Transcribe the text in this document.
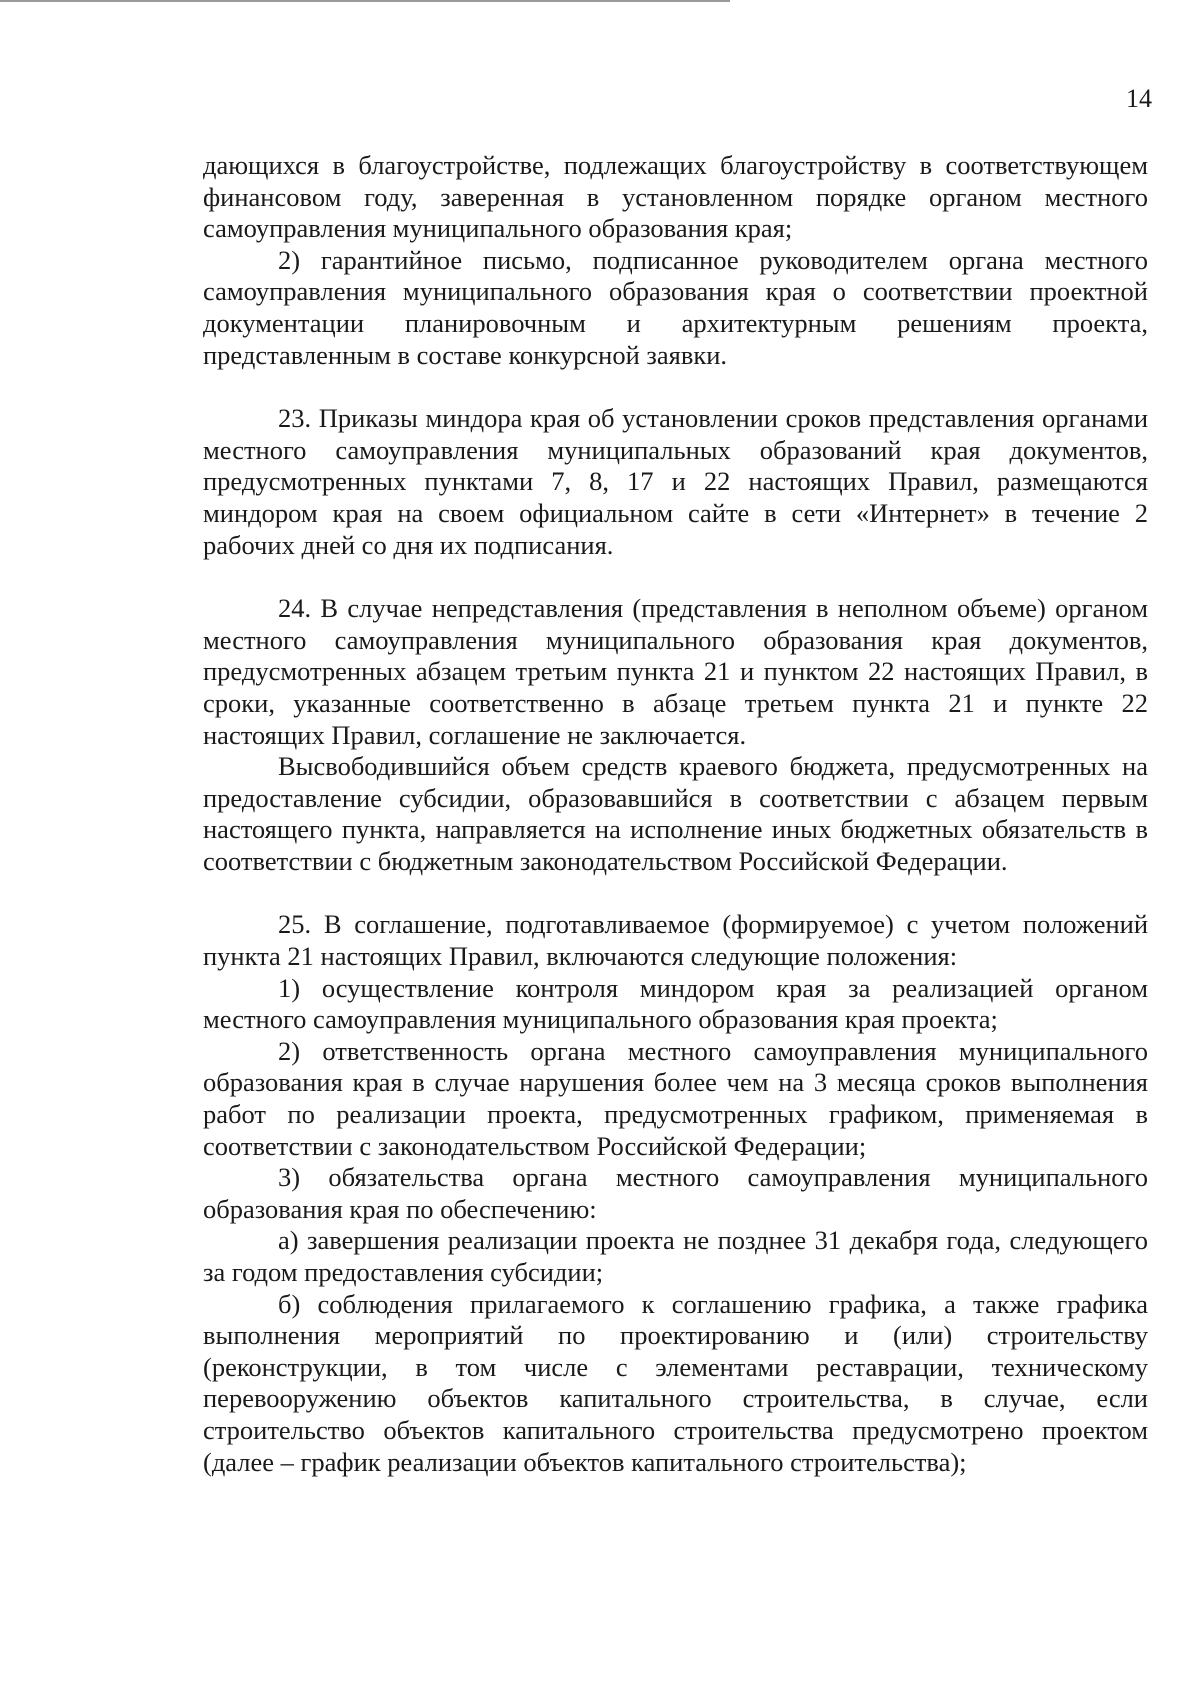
14

дающихся в благоустройстве, подлежащих благоустройству в соответствующем финансовом году, заверенная в установленном порядке органом местного самоуправления муниципального образования края;

2) гарантийное письмо, подписанное руководителем органа местного самоуправления муниципального образования края о соответствии проектной документации планировочным и архитектурным решениям проекта, представленным в составе конкурсной заявки.

23. Приказы миндора края об установлении сроков представления органами местного самоуправления муниципальных образований края документов, предусмотренных пунктами 7, 8, 17 и 22 настоящих Правил, размещаются миндором края на своем официальном сайте в сети «Интернет» в течение 2 рабочих дней со дня их подписания.

24. В случае непредставления (представления в неполном объеме) органом местного самоуправления муниципального образования края документов, предусмотренных абзацем третьим пункта 21 и пунктом 22 настоящих Правил, в сроки, указанные соответственно в абзаце третьем пункта 21 и пункте 22 настоящих Правил, соглашение не заключается.

Высвободившийся объем средств краевого бюджета, предусмотренных на предоставление субсидии, образовавшийся в соответствии с абзацем первым настоящего пункта, направляется на исполнение иных бюджетных обязательств в соответствии с бюджетным законодательством Российской Федерации.

25. В соглашение, подготавливаемое (формируемое) с учетом положений пункта 21 настоящих Правил, включаются следующие положения:

1) осуществление контроля миндором края за реализацией органом местного самоуправления муниципального образования края проекта;

2) ответственность органа местного самоуправления муниципального образования края в случае нарушения более чем на 3 месяца сроков выполнения работ по реализации проекта, предусмотренных графиком, применяемая в соответствии с законодательством Российской Федерации;

3) обязательства органа местного самоуправления муниципального образования края по обеспечению:

а) завершения реализации проекта не позднее 31 декабря года, следующего за годом предоставления субсидии;

б) соблюдения прилагаемого к соглашению графика, а также графика выполнения мероприятий по проектированию и (или) строительству (реконструкции, в том числе с элементами реставрации, техническому перевооружению объектов капитального строительства, в случае, если строительство объектов капитального строительства предусмотрено проектом (далее – график реализации объектов капитального строительства);
